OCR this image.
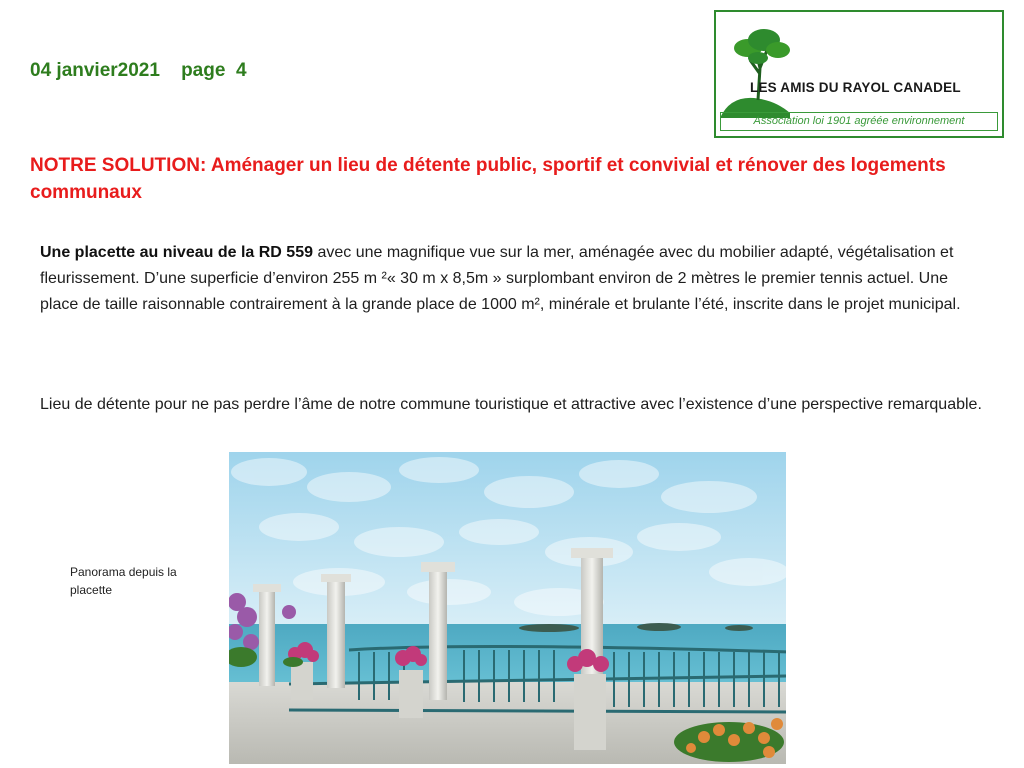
04 janvier2021 page  4
LES AMIS DU RAYOL CANADEL
Association loi 1901 agréée environnement
NOTRE SOLUTION: Aménager un lieu de détente public, sportif et convivial et rénover des logements communaux
Une placette au niveau de la RD 559 avec une magnifique vue sur la mer, aménagée avec du mobilier adapté, végétalisation et fleurissement. D’une superficie d’environ 255 m ²« 30 m x 8,5m » surplombant environ de 2 mètres le premier tennis actuel. Une place de taille raisonnable contrairement à la grande place de 1000 m², minérale et brulante l’été, inscrite dans le projet municipal.
Lieu de détente pour ne pas perdre l’âme de notre commune touristique et attractive avec l’existence d’une perspective remarquable.
Panorama depuis la placette
